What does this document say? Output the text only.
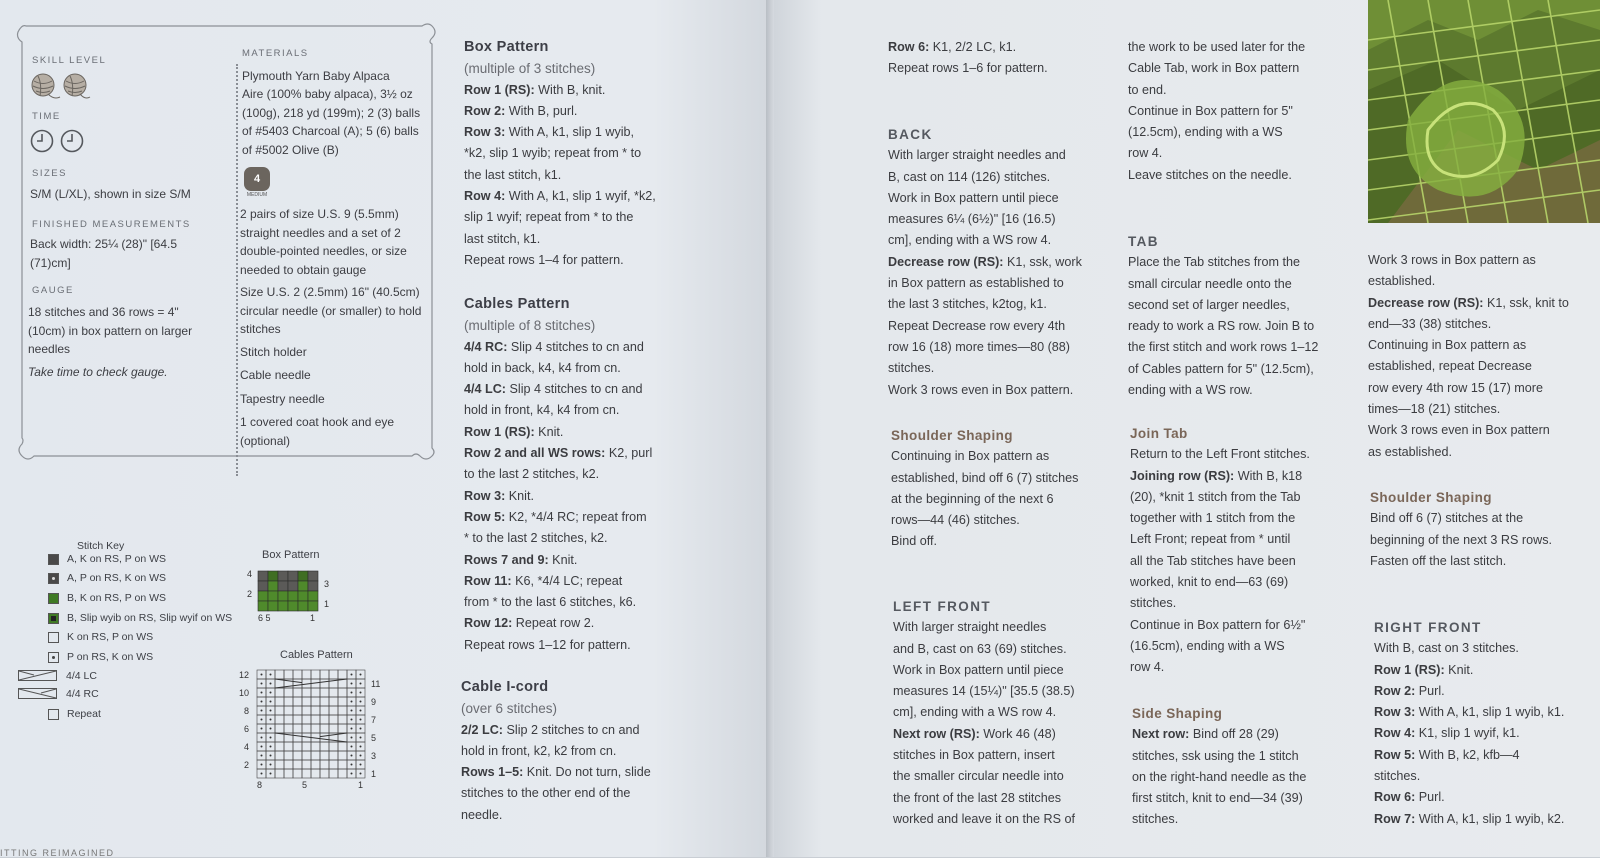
SKILL LEVEL
TIME
SIZES
S/M (L/XL), shown in size S/M
FINISHED MEASUREMENTS
Back width: 25¼ (28)" [64.5
(71)cm]
GAUGE
18 stitches and 36 rows = 4"
(10cm) in box pattern on larger
needles
Take time to check gauge.
MATERIALS
Plymouth Yarn Baby Alpaca
Aire (100% baby alpaca), 3½ oz
(100g), 218 yd (199m); 2 (3) balls
of #5403 Charcoal (A); 5 (6) balls
of #5002 Olive (B)
4
MEDIUM
2 pairs of size U.S. 9 (5.5mm)
straight needles and a set of 2
double-pointed needles, or size
needed to obtain gauge
Size U.S. 2 (2.5mm) 16" (40.5cm)
circular needle (or smaller) to hold
stitches
Stitch holder
Cable needle
Tapestry needle
1 covered coat hook and eye
(optional)
Stitch Key
A, K on RS, P on WS
A, P on RS, K on WS
B, K on RS, P on WS
B, Slip wyib on RS, Slip wyif on WS
K on RS, P on WS
P on RS, K on WS
4/4 LC
4/4 RC
Repeat
Box Pattern
4
2
3
1
6 5	1
Cables Pattern
12
10
8
6
4
2
11
9
7
5
3
1
8	5	1
Box Pattern
(multiple of 3 stitches)
Row 1 (RS): With B, knit.
Row 2: With B, purl.
Row 3: With A, k1, slip 1 wyib,
*k2, slip 1 wyib; repeat from * to
the last stitch, k1.
Row 4: With A, k1, slip 1 wyif, *k2,
slip 1 wyif; repeat from * to the
last stitch, k1.
Repeat rows 1–4 for pattern.
Cables Pattern
(multiple of 8 stitches)
4/4 RC: Slip 4 stitches to cn and
hold in back, k4, k4 from cn.
4/4 LC: Slip 4 stitches to cn and
hold in front, k4, k4 from cn.
Row 1 (RS): Knit.
Row 2 and all WS rows: K2, purl
to the last 2 stitches, k2.
Row 3: Knit.
Row 5: K2, *4/4 RC; repeat from
* to the last 2 stitches, k2.
Rows 7 and 9: Knit.
Row 11: K6, *4/4 LC; repeat
from * to the last 6 stitches, k6.
Row 12: Repeat row 2.
Repeat rows 1–12 for pattern.
Cable I-cord
(over 6 stitches)
2/2 LC: Slip 2 stitches to cn and
hold in front, k2, k2 from cn.
Rows 1–5: Knit. Do not turn, slide
stitches to the other end of the
needle.
ITTING REIMAGINED
Row 6: K1, 2/2 LC, k1.
Repeat rows 1–6 for pattern.
BACK
With larger straight needles and
B, cast on 114 (126) stitches.
Work in Box pattern until piece
measures 6¼ (6½)" [16 (16.5)
cm], ending with a WS row 4.
Decrease row (RS): K1, ssk, work
in Box pattern as established to
the last 3 stitches, k2tog, k1.
Repeat Decrease row every 4th
row 16 (18) more times—80 (88)
stitches.
Work 3 rows even in Box pattern.
Shoulder Shaping
Continuing in Box pattern as
established, bind off 6 (7) stitches
at the beginning of the next 6
rows—44 (46) stitches.
Bind off.
LEFT FRONT
With larger straight needles
and B, cast on 63 (69) stitches.
Work in Box pattern until piece
measures 14 (15¼)" [35.5 (38.5)
cm], ending with a WS row 4.
Next row (RS): Work 46 (48)
stitches in Box pattern, insert
the smaller circular needle into
the front of the last 28 stitches
worked and leave it on the RS of
the work to be used later for the
Cable Tab, work in Box pattern
to end.
Continue in Box pattern for 5"
(12.5cm), ending with a WS
row 4.
Leave stitches on the needle.
TAB
Place the Tab stitches from the
small circular needle onto the
second set of larger needles,
ready to work a RS row. Join B to
the first stitch and work rows 1–12
of Cables pattern for 5" (12.5cm),
ending with a WS row.
Join Tab
Return to the Left Front stitches.
Joining row (RS): With B, k18
(20), *knit 1 stitch from the Tab
together with 1 stitch from the
Left Front; repeat from * until
all the Tab stitches have been
worked, knit to end—63 (69)
stitches.
Continue in Box pattern for 6½"
(16.5cm), ending with a WS
row 4.
Side Shaping
Next row: Bind off 28 (29)
stitches, ssk using the 1 stitch
on the right-hand needle as the
first stitch, knit to end—34 (39)
stitches.
Work 3 rows in Box pattern as
established.
Decrease row (RS): K1, ssk, knit to
end—33 (38) stitches.
Continuing in Box pattern as
established, repeat Decrease
row every 4th row 15 (17) more
times—18 (21) stitches.
Work 3 rows even in Box pattern
as established.
Shoulder Shaping
Bind off 6 (7) stitches at the
beginning of the next 3 RS rows.
Fasten off the last stitch.
RIGHT FRONT
With B, cast on 3 stitches.
Row 1 (RS): Knit.
Row 2: Purl.
Row 3: With A, k1, slip 1 wyib, k1.
Row 4: K1, slip 1 wyif, k1.
Row 5: With B, k2, kfb—4
stitches.
Row 6: Purl.
Row 7: With A, k1, slip 1 wyib, k2.
